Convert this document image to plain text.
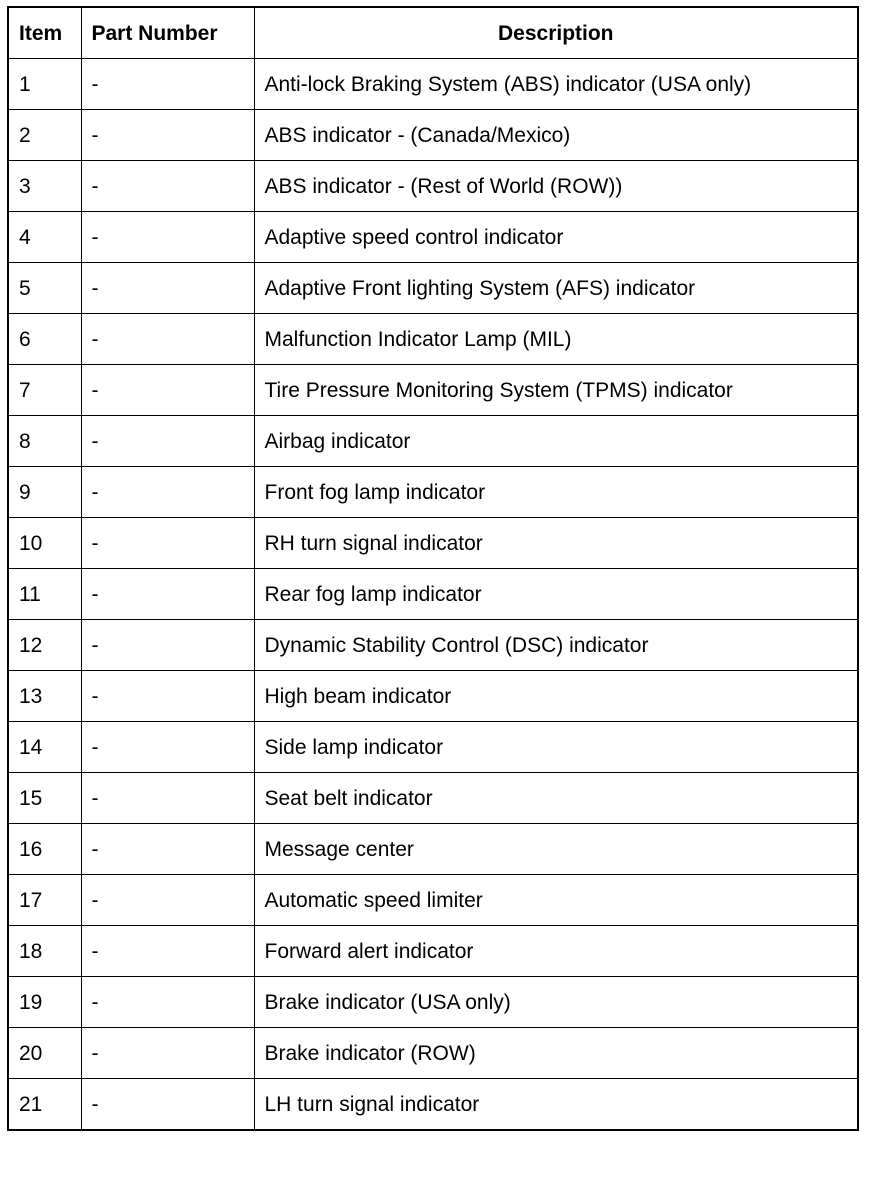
Item	Part Number	Description
1	-	Anti-lock Braking System (ABS) indicator (USA only)
2	-	ABS indicator - (Canada/Mexico)
3	-	ABS indicator - (Rest of World (ROW))
4	-	Adaptive speed control indicator
5	-	Adaptive Front lighting System (AFS) indicator
6	-	Malfunction Indicator Lamp (MIL)
7	-	Tire Pressure Monitoring System (TPMS) indicator
8	-	Airbag indicator
9	-	Front fog lamp indicator
10	-	RH turn signal indicator
11	-	Rear fog lamp indicator
12	-	Dynamic Stability Control (DSC) indicator
13	-	High beam indicator
14	-	Side lamp indicator
15	-	Seat belt indicator
16	-	Message center
17	-	Automatic speed limiter
18	-	Forward alert indicator
19	-	Brake indicator (USA only)
20	-	Brake indicator (ROW)
21	-	LH turn signal indicator
